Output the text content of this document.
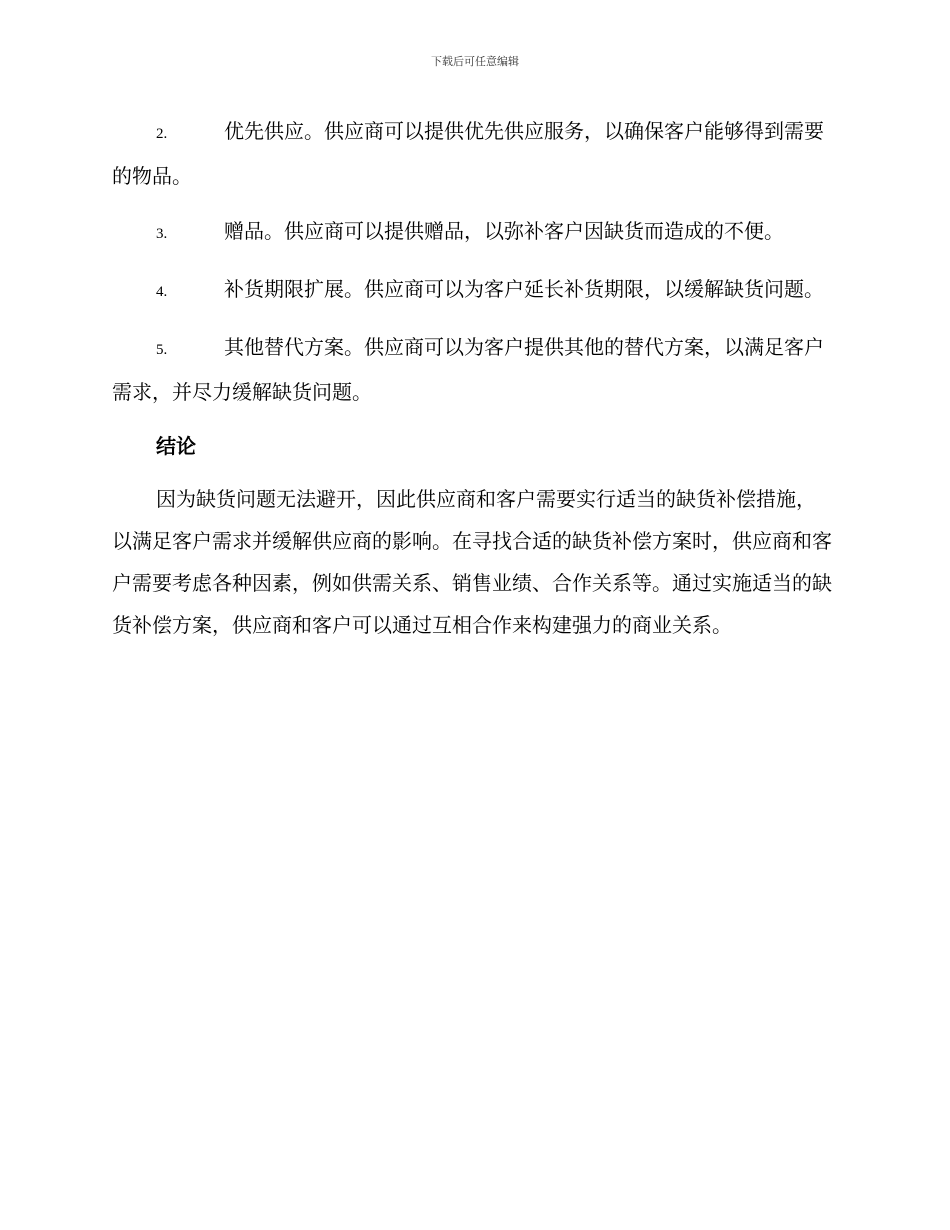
下载后可任意编辑

2.	优先供应。供应商可以提供优先供应服务，以确保客户能够得到需要的物品。

3.	赠品。供应商可以提供赠品，以弥补客户因缺货而造成的不便。

4.	补货期限扩展。供应商可以为客户延长补货期限，以缓解缺货问题。

5.	其他替代方案。供应商可以为客户提供其他的替代方案，以满足客户需求，并尽力缓解缺货问题。

结论

因为缺货问题无法避开，因此供应商和客户需要实行适当的缺货补偿措施，以满足客户需求并缓解供应商的影响。在寻找合适的缺货补偿方案时，供应商和客户需要考虑各种因素，例如供需关系、销售业绩、合作关系等。通过实施适当的缺货补偿方案，供应商和客户可以通过互相合作来构建强力的商业关系。
